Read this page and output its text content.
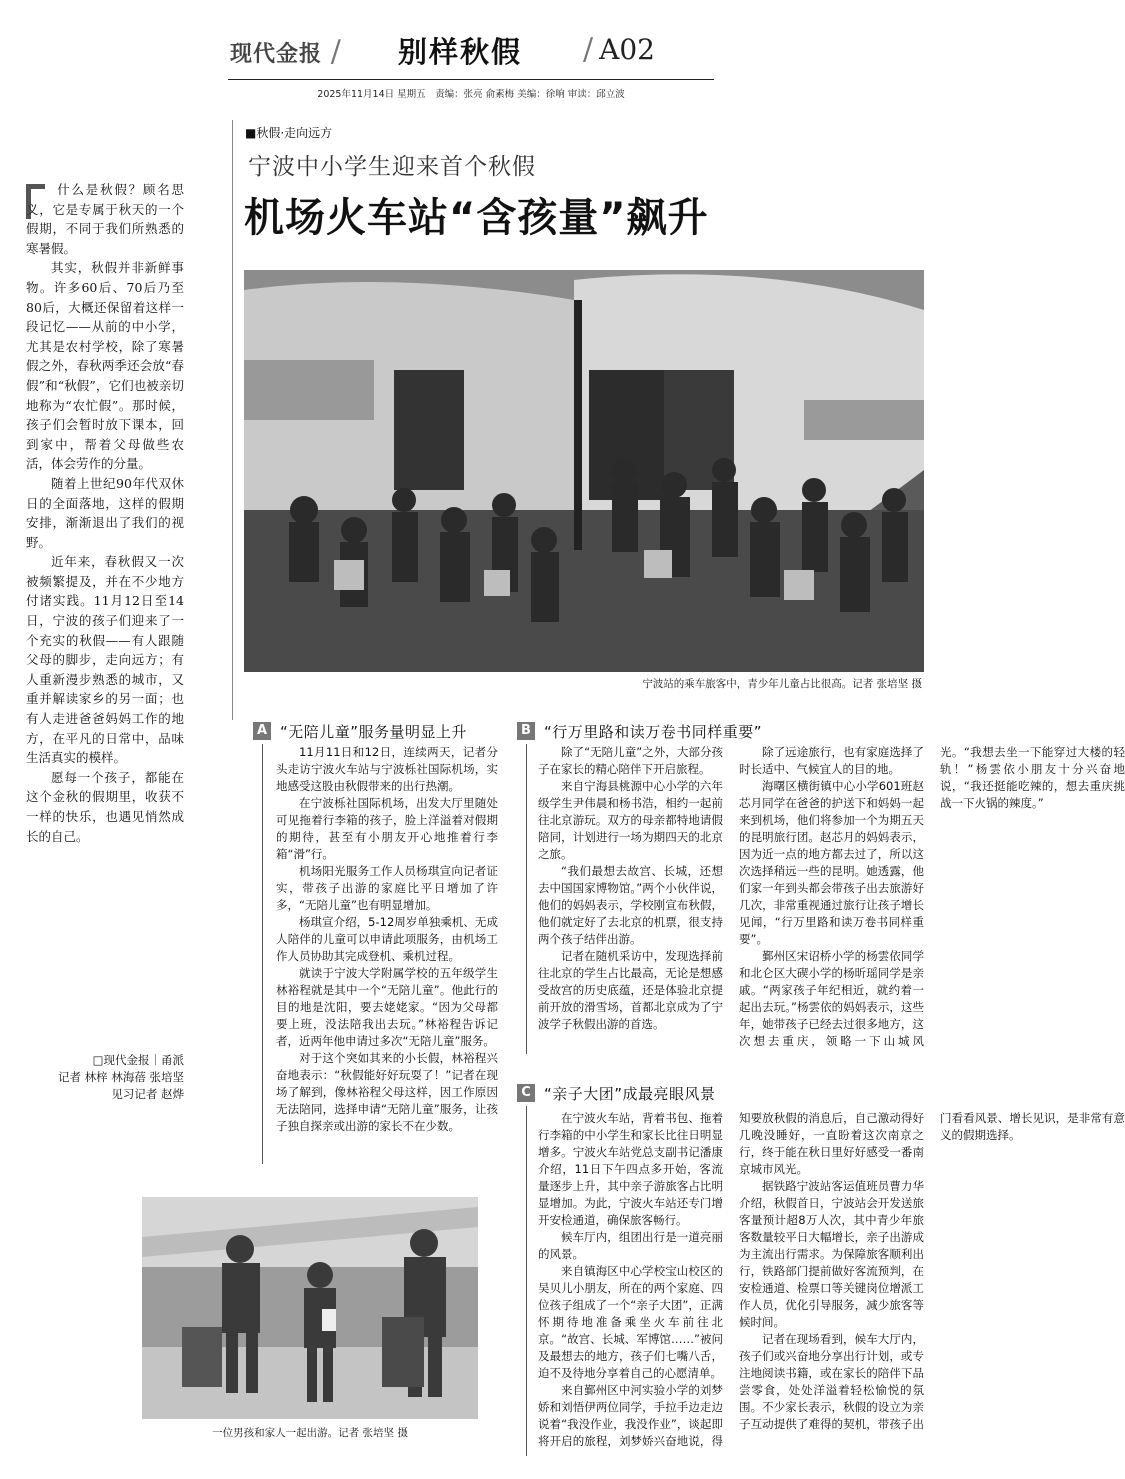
现代金报 / 别样秋假 / A02
2025年11月14日 星期五　责编：张亮 俞素梅 美编：徐响 审读：邱立波
■秋假·走向远方
宁波中小学生迎来首个秋假
机场火车站“含孩量”飙升

什么是秋假？顾名思义，它是专属于秋天的一个假期，不同于我们所熟悉的寒暑假。

其实，秋假并非新鲜事物。许多60后、70后乃至80后，大概还保留着这样一段记忆——从前的中小学，尤其是农村学校，除了寒暑假之外，春秋两季还会放“春假”和“秋假”，它们也被亲切地称为“农忙假”。那时候，孩子们会暂时放下课本，回到家中，帮着父母做些农活，体会劳作的分量。

随着上世纪90年代双休日的全面落地，这样的假期安排，渐渐退出了我们的视野。

近年来，春秋假又一次被频繁提及，并在不少地方付诸实践。11月12日至14日，宁波的孩子们迎来了一个充实的秋假——有人跟随父母的脚步，走向远方；有人重新漫步熟悉的城市，又重并解读家乡的另一面；也有人走进爸爸妈妈工作的地方，在平凡的日常中，品味生活真实的模样。

愿每一个孩子，都能在这个金秋的假期里，收获不一样的快乐，也遇见悄然成长的自己。

□现代金报｜甬派
记者 林梓 林海蓓 张培坚
见习记者 赵烨
宁波站的乘车旅客中，青少年儿童占比很高。记者 张培坚 摄
A “无陪儿童”服务量明显上升

11月11日和12日，连续两天，记者分头走访宁波火车站与宁波栎社国际机场，实地感受这股由秋假带来的出行热潮。

在宁波栎社国际机场，出发大厅里随处可见拖着行李箱的孩子，脸上洋溢着对假期的期待，甚至有小朋友开心地推着行李箱“滑”行。

机场阳光服务工作人员杨琪宣向记者证实，带孩子出游的家庭比平日增加了许多，“无陪儿童”也有明显增加。

杨琪宣介绍，5-12周岁单独乘机、无成人陪伴的儿童可以申请此项服务，由机场工作人员协助其完成登机、乘机过程。

就读于宁波大学附属学校的五年级学生林裕程就是其中一个“无陪儿童”。他此行的目的地是沈阳，要去姥姥家。“因为父母都要上班，没法陪我出去玩。”林裕程告诉记者，近两年他申请过多次“无陪儿童”服务。

对于这个突如其来的小长假，林裕程兴奋地表示：“秋假能好好玩耍了！”记者在现场了解到，像林裕程父母这样，因工作原因无法陪同，选择申请“无陪儿童”服务，让孩子独自探亲或出游的家长不在少数。

B “行万里路和读万卷书同样重要”

除了“无陪儿童”之外，大部分孩子在家长的精心陪伴下开启旅程。

来自宁海县桃源中心小学的六年级学生尹伟晨和杨书浩，相约一起前往北京游玩。双方的母亲都特地请假陪同，计划进行一场为期四天的北京之旅。

“我们最想去故宫、长城，还想去中国国家博物馆。”两个小伙伴说，他们的妈妈表示，学校刚宣布秋假，他们就定好了去北京的机票，很支持两个孩子结伴出游。

记者在随机采访中，发现选择前往北京的学生占比最高，无论是想感受故宫的历史底蕴，还是体验北京提前开放的滑雪场，首都北京成为了宁波学子秋假出游的首选。

除了远途旅行，也有家庭选择了时长适中、气候宜人的目的地。

海曙区横街镇中心小学601班赵芯月同学在爸爸的护送下和妈妈一起来到机场，他们将参加一个为期五天的昆明旅行团。赵芯月的妈妈表示，因为近一点的地方都去过了，所以这次选择稍远一些的昆明。她透露，他们家一年到头都会带孩子出去旅游好几次，非常重视通过旅行让孩子增长见闻，“行万里路和读万卷书同样重要”。

鄞州区宋诏桥小学的杨雲依同学和北仑区大碶小学的杨昕瑶同学是亲戚。“两家孩子年纪相近，就约着一起出去玩。”杨雲依的妈妈表示，这些年，她带孩子已经去过很多地方，这次想去重庆，领略一下山城风光。“我想去坐一下能穿过大楼的轻轨！”杨雲依小朋友十分兴奋地说，“我还挺能吃辣的，想去重庆挑战一下火锅的辣度。”

C “亲子大团”成最亮眼风景

在宁波火车站，背着书包、拖着行李箱的中小学生和家长比往日明显增多。宁波火车站党总支副书记潘康介绍，11日下午四点多开始，客流量逐步上升，其中亲子游旅客占比明显增加。为此，宁波火车站还专门增开安检通道，确保旅客畅行。

候车厅内，组团出行是一道亮丽的风景。

来自镇海区中心学校宝山校区的吴贝儿小朋友，所在的两个家庭、四位孩子组成了一个“亲子大团”，正满怀期待地准备乘坐火车前往北京。“故宫、长城、军博馆……”被问及最想去的地方，孩子们七嘴八舌，迫不及待地分享着自己的心愿清单。

来自鄞州区中河实验小学的刘梦娇和刘悟伊两位同学，手拉手边走边说着“我没作业，我没作业”，谈起即将开启的旅程，刘梦娇兴奋地说，得知要放秋假的消息后，自己激动得好几晚没睡好，一直盼着这次南京之行，终于能在秋日里好好感受一番南京城市风光。

据铁路宁波站客运值班员曹力华介绍，秋假首日，宁波站会开发送旅客量预计超8万人次，其中青少年旅客数量较平日大幅增长，亲子出游成为主流出行需求。为保障旅客顺利出行，铁路部门提前做好客流预判，在安检通道、检票口等关键岗位增派工作人员，优化引导服务，减少旅客等候时间。

记者在现场看到，候车大厅内，孩子们或兴奋地分享出行计划，或专注地阅读书籍，或在家长的陪伴下品尝零食，处处洋溢着轻松愉悦的氛围。不少家长表示，秋假的设立为亲子互动提供了难得的契机，带孩子出门看看风景、增长见识，是非常有意义的假期选择。

一位男孩和家人一起出游。记者 张培坚 摄
